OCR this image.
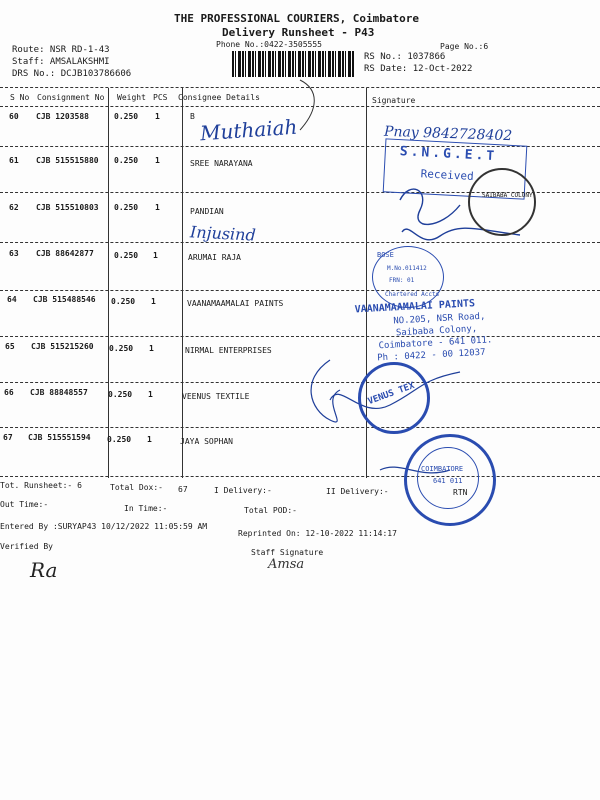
THE PROFESSIONAL COURIERS, Coimbatore
Delivery Runsheet - P43
Phone No.:0422-3505555	Page No.:6
Route: NSR RD-1-43
Staff: AMSALAKSHMI
DRS No.: DCJB103786606
RS No.: 1037866
RS Date: 12-Oct-2022
S No Consignment No Weight PCS Consignee Details	Signature
60 CJB 1203588	0.250 1	B
61 CJB 515515880 0.250 1	SREE NARAYANA
62 CJB 515510803 0.250 1	PANDIAN
63 CJB 88642877	0.250 1	ARUMAI RAJA
64 CJB 515488546 0.250 1	VAANAMAAMALAI PAINTS
65 CJB 515215260 0.250 1	NIRMAL ENTERPRISES
66 CJB 88848557	0.250 1	VEENUS TEXTILE
67 CJB 515551594 0.250 1	JAYA SOPHAN
Tot. Runsheet:- 6	Total Dox:- 67	I Delivery:-	II Delivery:-	RTN
Out Time:-	In Time:-	Total POD:-
Entered By :SURYAP43 10/12/2022 11:05:59 AM
Reprinted On: 12-10-2022 11:14:17
Verified By
Staff Signature
Muthaiah
Injusind
Pnay 9842728402
Ra	Amsa
S.N.G.E.T
Received
SAIBABA COLONY
BOSE
M.No.011412
FRN: 01
Chartered Accts
VAANAMAAMALAI PAINTS
NO.205, NSR Road,
Saibaba Colony,
Coimbatore - 641 011.
Ph : 0422 - 00 12037
VENUS TEX
COIMBATORE
641 011
